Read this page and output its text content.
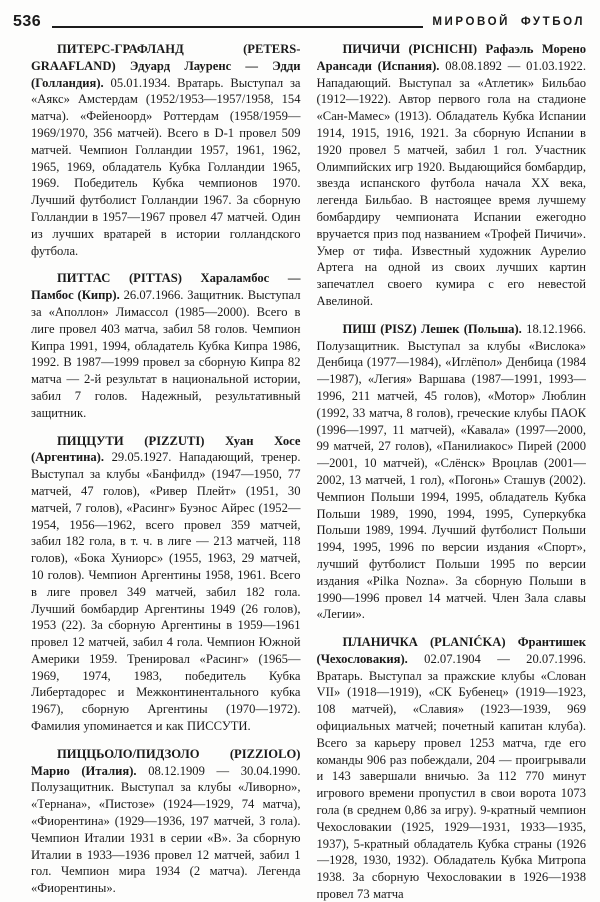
536	МИРОВОЙ ФУТБОЛ

ПИТЕРС-ГРАФЛАНД (PETERS-GRAAFLAND) Эдуард Лауренс — Эдди (Голландия). 05.01.1934. Вратарь. Выступал за «Аякс» Амстердам (1952/1953—1957/1958, 154 матча). «Фейеноорд» Роттердам (1958/1959—1969/1970, 356 матчей). Всего в D-1 провел 509 матчей. Чемпион Голландии 1957, 1961, 1962, 1965, 1969, обладатель Кубка Голландии 1965, 1969. Победитель Кубка чемпионов 1970. Лучший футболист Голландии 1967. За сборную Голландии в 1957—1967 провел 47 матчей. Один из лучших вратарей в истории голландского футбола.

ПИТТАС (PITTAS) Хараламбос — Памбос (Кипр). 26.07.1966. Защитник. Выступал за «Аполлон» Лимассол (1985—2000). Всего в лиге провел 403 матча, забил 58 голов. Чемпион Кипра 1991, 1994, обладатель Кубка Кипра 1986, 1992. В 1987—1999 провел за сборную Кипра 82 матча — 2-й результат в национальной истории, забил 7 голов. Надежный, результативный защитник.

ПИЦЦУТИ (PIZZUTI) Хуан Хосе (Аргентина). 29.05.1927. Нападающий, тренер. Выступал за клубы «Банфилд» (1947—1950, 77 матчей, 47 голов), «Ривер Плейт» (1951, 30 матчей, 7 голов), «Расинг» Буэнос Айрес (1952—1954, 1956—1962, всего провел 359 матчей, забил 182 гола, в т. ч. в лиге — 213 матчей, 118 голов), «Бока Хуниорс» (1955, 1963, 29 матчей, 10 голов). Чемпион Аргентины 1958, 1961. Всего в лиге провел 349 матчей, забил 182 гола. Лучший бомбардир Аргентины 1949 (26 голов), 1953 (22). За сборную Аргентины в 1959—1961 провел 12 матчей, забил 4 гола. Чемпион Южной Америки 1959. Тренировал «Расинг» (1965—1969, 1974, 1983, победитель Кубка Либертадорес и Межконтинентального кубка 1967), сборную Аргентины (1970—1972). Фамилия упоминается и как ПИССУТИ.

ПИЦЦЬОЛО/ПИДЗОЛО (PIZZIOLO) Марио (Италия). 08.12.1909 — 30.04.1990. Полузащитник. Выступал за клубы «Ливорно», «Тернана», «Пистозе» (1924—1929, 74 матча), «Фиорентина» (1929—1936, 197 матчей, 3 гола). Чемпион Италии 1931 в серии «В». За сборную Италии в 1933—1936 провел 12 матчей, забил 1 гол. Чемпион мира 1934 (2 матча). Легенда «Фиорентины».

ПИЧИЧИ (PICHICHI) Рафаэль Морено Арансади (Испания). 08.08.1892 — 01.03.1922. Нападающий. Выступал за «Атлетик» Бильбао (1912—1922). Автор первого гола на стадионе «Сан-Мамес» (1913). Обладатель Кубка Испании 1914, 1915, 1916, 1921. За сборную Испании в 1920 провел 5 матчей, забил 1 гол. Участник Олимпийских игр 1920. Выдающийся бомбардир, звезда испанского футбола начала XX века, легенда Бильбао. В настоящее время лучшему бомбардиру чемпионата Испании ежегодно вручается приз под названием «Трофей Пичичи». Умер от тифа. Известный художник Аурелио Артега на одной из своих лучших картин запечатлел своего кумира с его невестой Авелиной.

ПИШ (PISZ) Лешек (Польша). 18.12.1966. Полузащитник. Выступал за клубы «Вислока» Денбица (1977—1984), «Иглёпол» Денбица (1984—1987), «Легия» Варшава (1987—1991, 1993—1996, 211 матчей, 45 голов), «Мотор» Люблин (1992, 33 матча, 8 голов), греческие клубы ПАОК (1996—1997, 11 матчей), «Кавала» (1997—2000, 99 матчей, 27 голов), «Панилиакос» Пирей (2000—2001, 10 матчей), «Слёнск» Вроцлав (2001—2002, 13 матчей, 1 гол), «Погонь» Сташув (2002). Чемпион Польши 1994, 1995, обладатель Кубка Польши 1989, 1990, 1994, 1995, Суперкубка Польши 1989, 1994. Лучший футболист Польши 1994, 1995, 1996 по версии издания «Спорт», лучший футболист Польши 1995 по версии издания «Pilka Nozna». За сборную Польши в 1990—1996 провел 14 матчей. Член Зала славы «Легии».

ПЛАНИЧКА (PLANIĆKA) Франтишек (Чехословакия). 02.07.1904 — 20.07.1996. Вратарь. Выступал за пражские клубы «Слован VII» (1918—1919), «СК Бубенец» (1919—1923, 108 матчей), «Славия» (1923—1939, 969 официальных матчей; почетный капитан клуба). Всего за карьеру провел 1253 матча, где его команды 906 раз побеждали, 204 — проигрывали и 143 завершали вничью. За 112 770 минут игрового времени пропустил в свои ворота 1073 гола (в среднем 0,86 за игру). 9-кратный чемпион Чехословакии (1925, 1929—1931, 1933—1935, 1937), 5-кратный обладатель Кубка страны (1926—1928, 1930, 1932). Обладатель Кубка Митропа 1938. За сборную Чехословакии в 1926—1938 провел 73 матча
